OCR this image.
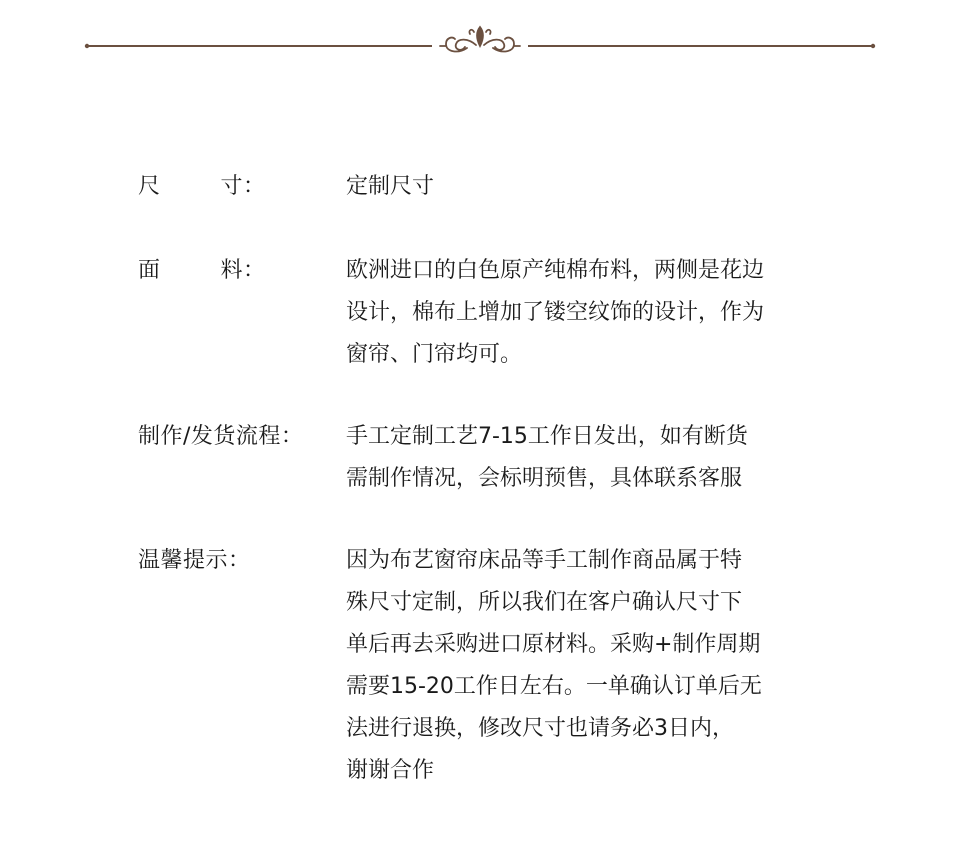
尺        寸：	定制尺寸
面        料：	欧洲进口的白色原产纯棉布料，两侧是花边
设计，棉布上增加了镂空纹饰的设计，作为
窗帘、门帘均可。
制作/发货流程： 手工定制工艺7-15工作日发出，如有断货
需制作情况，会标明预售，具体联系客服
温馨提示：	因为布艺窗帘床品等手工制作商品属于特
殊尺寸定制，所以我们在客户确认尺寸下
单后再去采购进口原材料。采购+制作周期
需要15-20工作日左右。一单确认订单后无
法进行退换，修改尺寸也请务必3日内，
谢谢合作
